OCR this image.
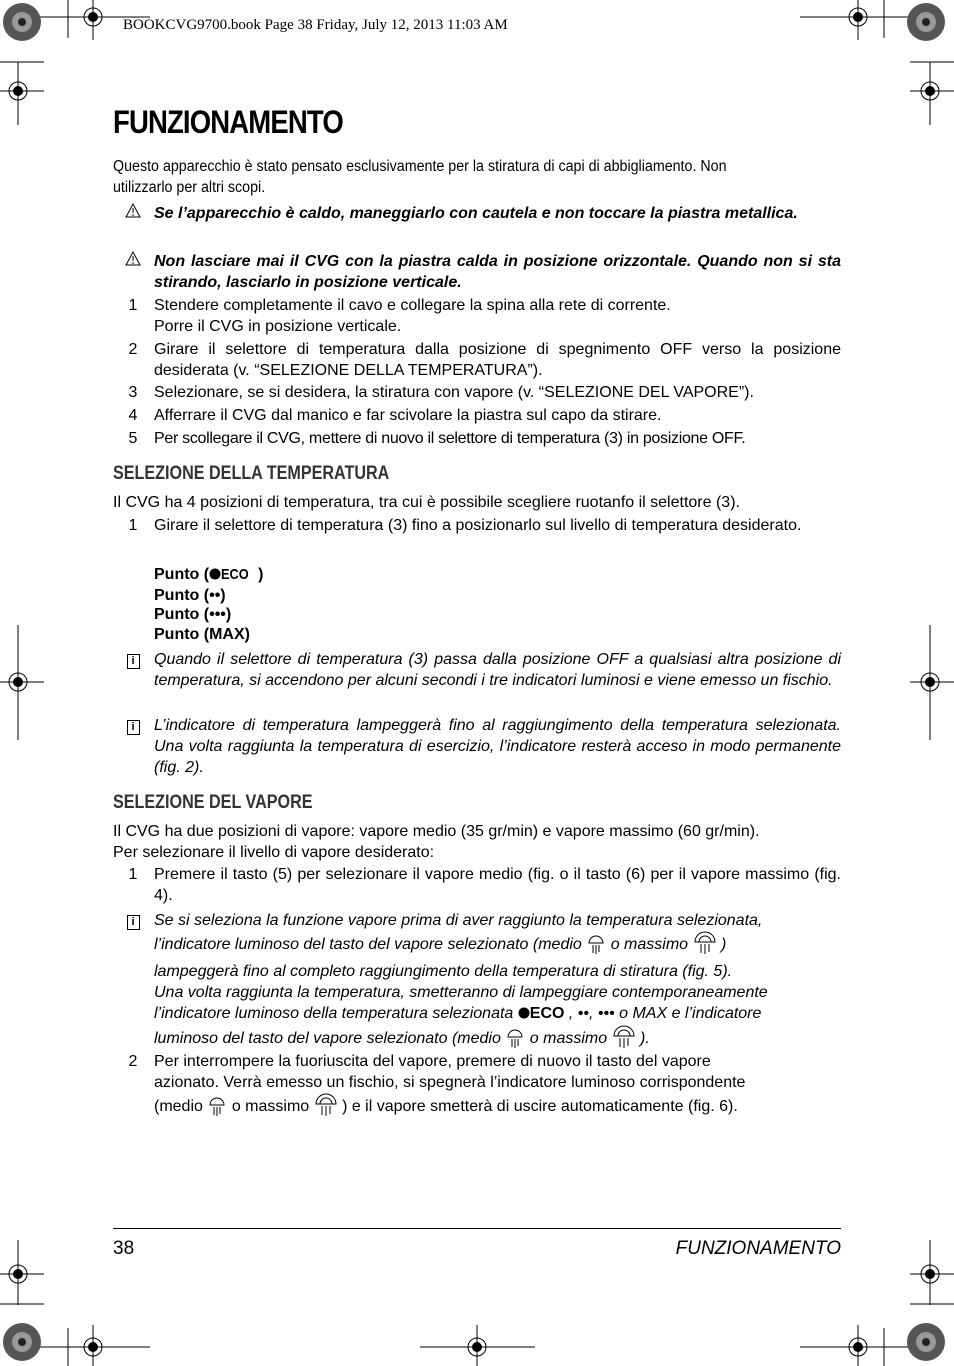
BOOKCVG9700.book Page 38 Friday, July 12, 2013 11:03 AM
FUNZIONAMENTO
Questo apparecchio è stato pensato esclusivamente per la stiratura di capi di abbigliamento. Non
utilizzarlo per altri scopi.
Se l’apparecchio è caldo, maneggiarlo con cautela e non toccare la piastra metallica.
Non lasciare mai il CVG con la piastra calda in posizione orizzontale. Quando non si sta stirando, lasciarlo in posizione verticale.
1	Stendere completamente il cavo e collegare la spina alla rete di corrente.
Porre il CVG in posizione verticale.
2	Girare il selettore di temperatura dalla posizione di spegnimento OFF verso la posizione desiderata (v. “SELEZIONE DELLA TEMPERATURA”).
3	Selezionare, se si desidera, la stiratura con vapore (v. “SELEZIONE DEL VAPORE”).
4	Afferrare il CVG dal manico e far scivolare la piastra sul capo da stirare.
5	Per scollegare il CVG, mettere di nuovo il selettore di temperatura (3) in posizione OFF.
SELEZIONE DELLA TEMPERATURA
Il CVG ha 4 posizioni di temperatura, tra cui è possibile scegliere ruotanfo il selettore (3).
1	Girare il selettore di temperatura (3) fino a posizionarlo sul livello di temperatura desiderato.
Punto ( ECO )
Punto (••)
Punto (•••)
Punto (MAX)
i	Quando il selettore di temperatura (3) passa dalla posizione OFF a qualsiasi altra posizione di temperatura, si accendono per alcuni secondi i tre indicatori luminosi e viene emesso un fischio.
i	L’indicatore di temperatura lampeggerà fino al raggiungimento della temperatura selezionata. Una volta raggiunta la temperatura di esercizio, l’indicatore resterà acceso in modo permanente (fig. 2).
SELEZIONE DEL VAPORE
Il CVG ha due posizioni di vapore: vapore medio (35 gr/min) e vapore massimo (60 gr/min).
Per selezionare il livello di vapore desiderato:
1	Premere il tasto (5) per selezionare il vapore medio (fig. o il tasto (6) per il vapore massimo (fig. 4).
i	Se si seleziona la funzione vapore prima di aver raggiunto la temperatura selezionata,
l’indicatore luminoso del tasto del vapore selezionato (medio  o massimo  )
lampeggerà fino al completo raggiungimento della temperatura di stiratura (fig. 5).
Una volta raggiunta la temperatura, smetteranno di lampeggiare contemporaneamente
l’indicatore luminoso della temperatura selezionata ECO , ••, ••• o MAX e l’indicatore
luminoso del tasto del vapore selezionato (medio  o massimo  ).
2	Per interrompere la fuoriuscita del vapore, premere di nuovo il tasto del vapore
azionato. Verrà emesso un fischio, si spegnerà l’indicatore luminoso corrispondente
(medio  o massimo  ) e il vapore smetterà di uscire automaticamente (fig. 6).
38	FUNZIONAMENTO
